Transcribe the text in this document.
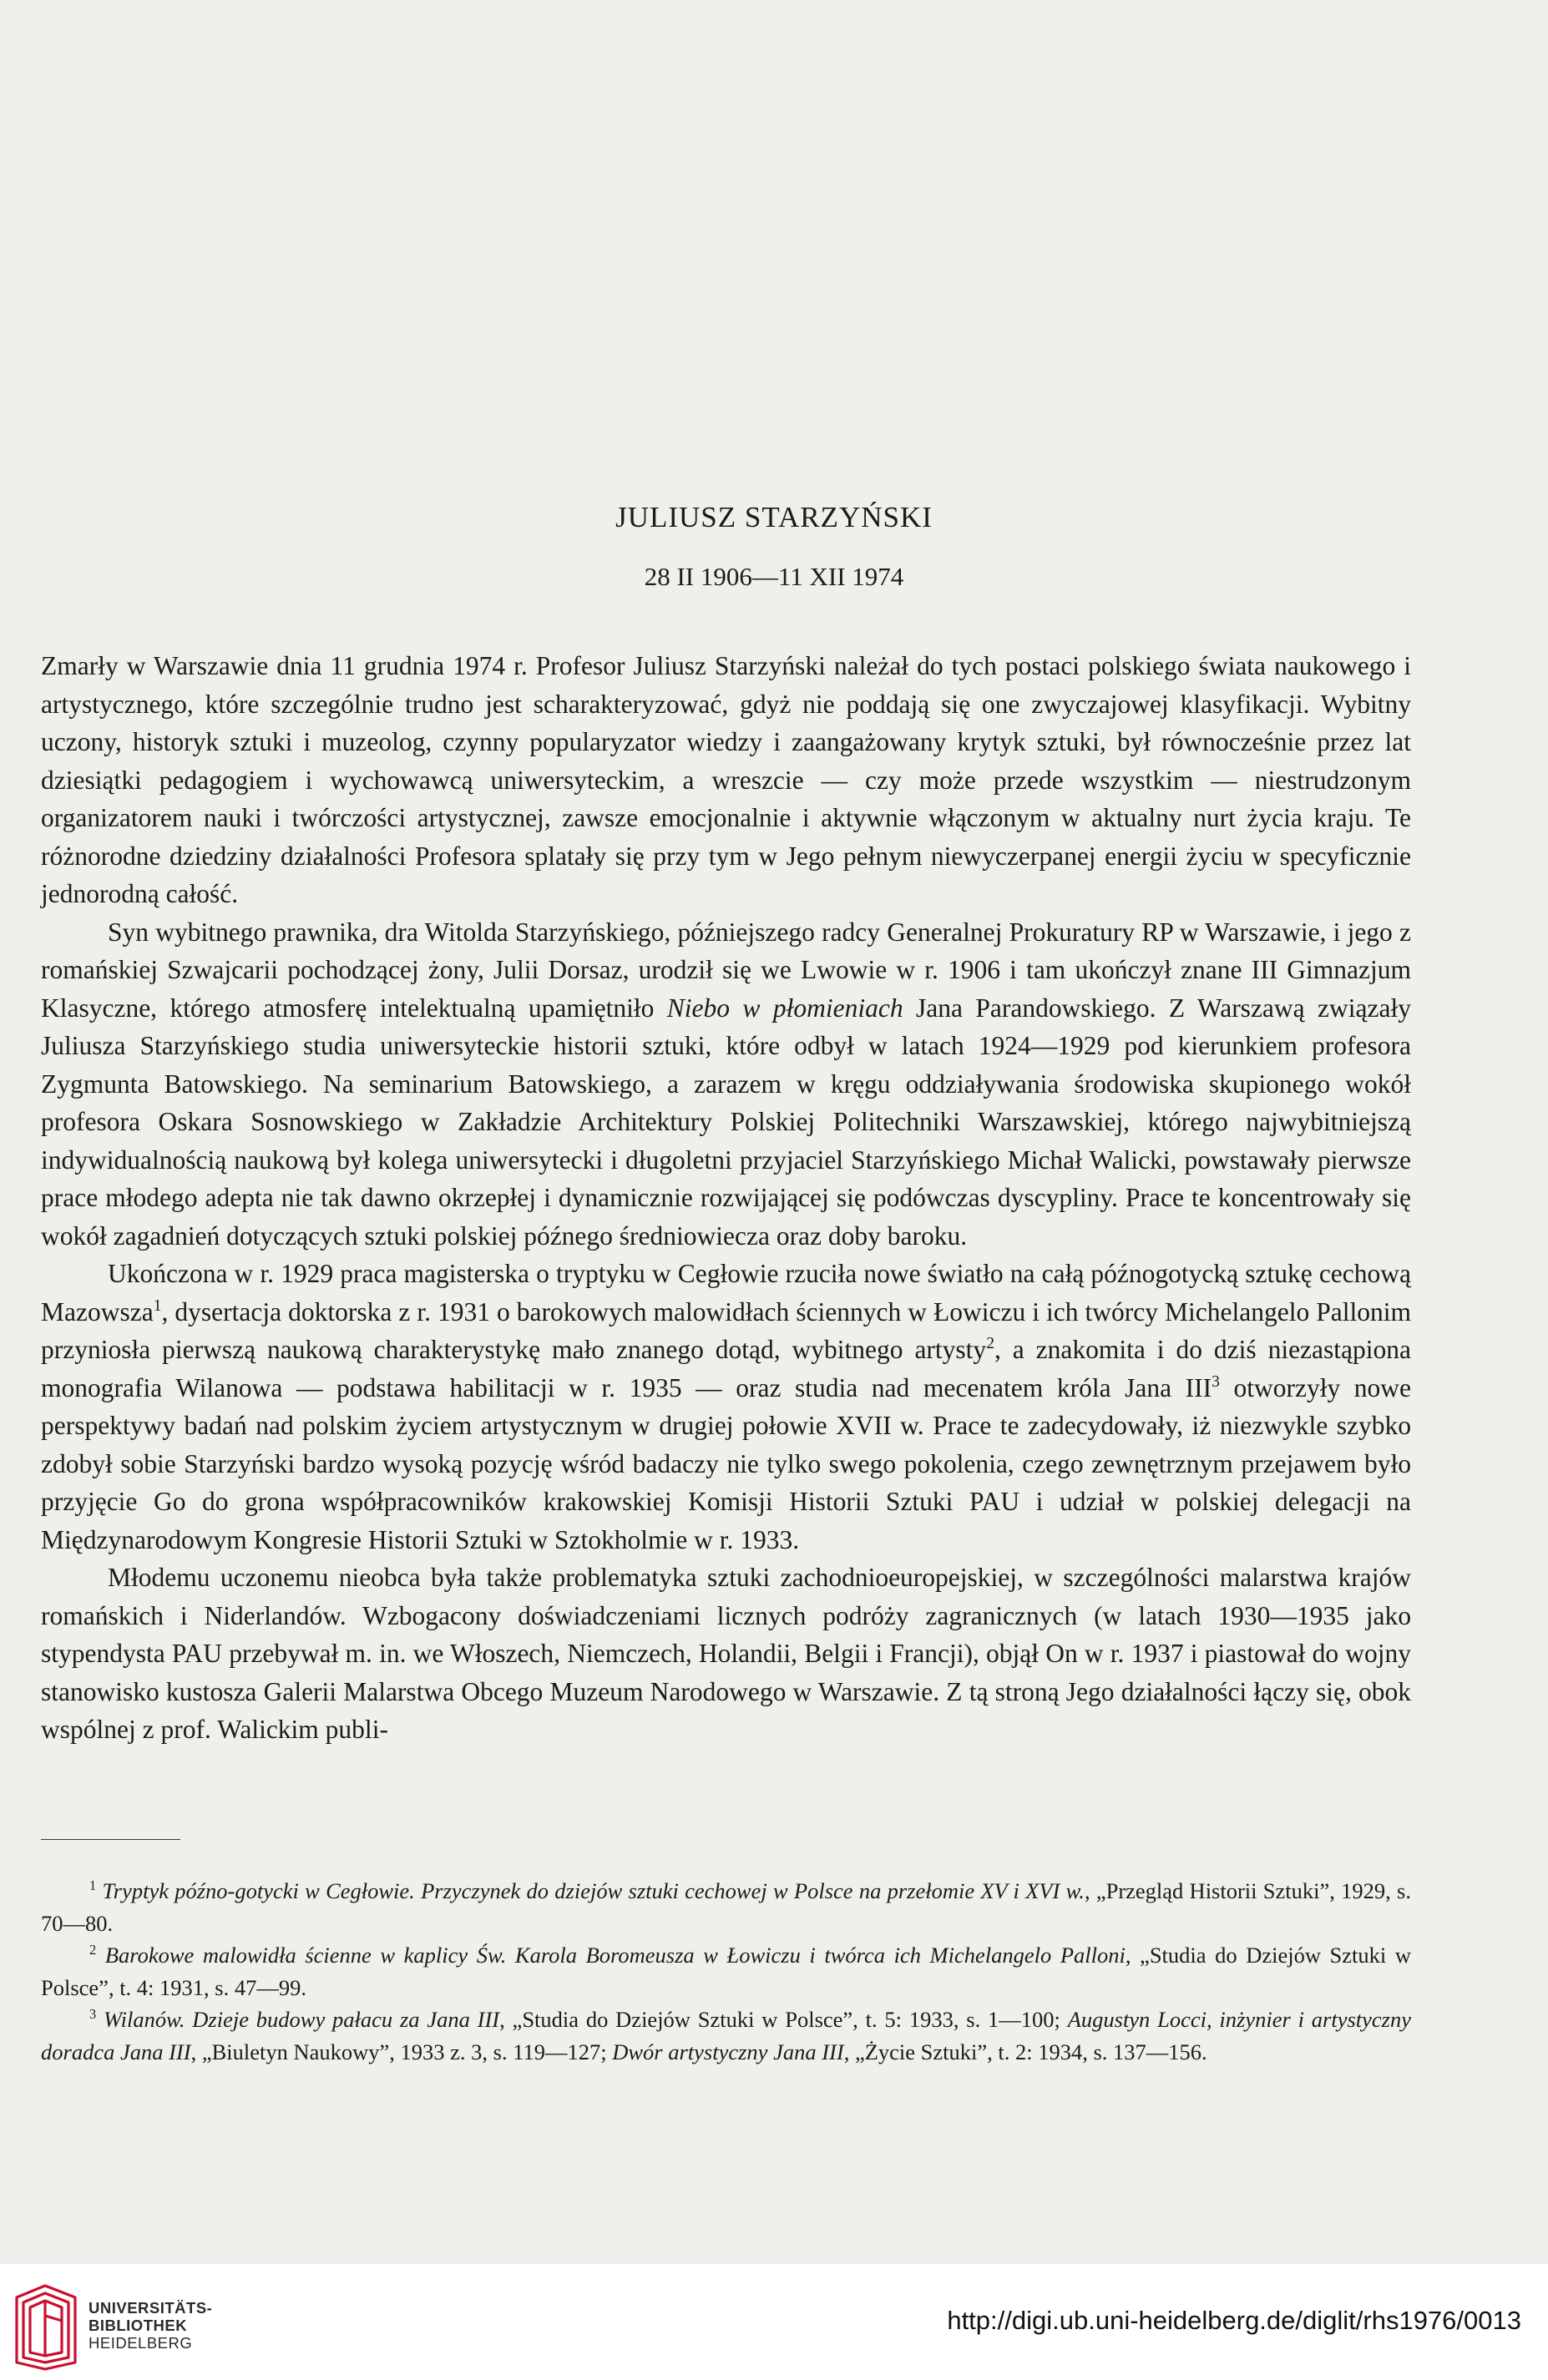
JULIUSZ STARZYŃSKI
28 II 1906—11 XII 1974

Zmarły w Warszawie dnia 11 grudnia 1974 r. Profesor Juliusz Starzyński należał do tych postaci polskiego świata naukowego i artystycznego, które szczególnie trudno jest scharakteryzować, gdyż nie poddają się one zwyczajowej klasyfikacji. Wybitny uczony, historyk sztuki i muzeolog, czynny popularyzator wiedzy i zaangażowany krytyk sztuki, był równocześnie przez lat dziesiątki pedagogiem i wychowawcą uniwersyteckim, a wreszcie — czy może przede wszystkim — niestrudzonym organizatorem nauki i twórczości artystycznej, zawsze emocjonalnie i aktywnie włączonym w aktualny nurt życia kraju. Te różnorodne dziedziny działalności Profesora splatały się przy tym w Jego pełnym niewyczerpanej energii życiu w specyficznie jednorodną całość.

Syn wybitnego prawnika, dra Witolda Starzyńskiego, późniejszego radcy Generalnej Prokuratury RP w Warszawie, i jego z romańskiej Szwajcarii pochodzącej żony, Julii Dorsaz, urodził się we Lwowie w r. 1906 i tam ukończył znane III Gimnazjum Klasyczne, którego atmosferę intelektualną upamiętniło Niebo w płomieniach Jana Parandowskiego. Z Warszawą związały Juliusza Starzyńskiego studia uniwersyteckie historii sztuki, które odbył w latach 1924—1929 pod kierunkiem profesora Zygmunta Batowskiego. Na seminarium Batowskiego, a zarazem w kręgu oddziaływania środowiska skupionego wokół profesora Oskara Sosnowskiego w Zakładzie Architektury Polskiej Politechniki Warszawskiej, którego najwybitniejszą indywidualnością naukową był kolega uniwersytecki i długoletni przyjaciel Starzyńskiego Michał Walicki, powstawały pierwsze prace młodego adepta nie tak dawno okrzepłej i dynamicznie rozwijającej się podówczas dyscypliny. Prace te koncentrowały się wokół zagadnień dotyczących sztuki polskiej późnego średniowiecza oraz doby baroku.

Ukończona w r. 1929 praca magisterska o tryptyku w Cegłowie rzuciła nowe światło na całą późnogotycką sztukę cechową Mazowsza$^1$, dysertacja doktorska z r. 1931 o barokowych malowidłach ściennych w Łowiczu i ich twórcy Michelangelo Pallonim przyniosła pierwszą naukową charakterystykę mało znanego dotąd, wybitnego artysty$^2$, a znakomita i do dziś niezastąpiona monografia Wilanowa — podstawa habilitacji w r. 1935 — oraz studia nad mecenatem króla Jana III$^3$ otworzyły nowe perspektywy badań nad polskim życiem artystycznym w drugiej połowie XVII w. Prace te zadecydowały, iż niezwykle szybko zdobył sobie Starzyński bardzo wysoką pozycję wśród badaczy nie tylko swego pokolenia, czego zewnętrznym przejawem było przyjęcie Go do grona współpracowników krakowskiej Komisji Historii Sztuki PAU i udział w polskiej delegacji na Międzynarodowym Kongresie Historii Sztuki w Sztokholmie w r. 1933.

Młodemu uczonemu nieobca była także problematyka sztuki zachodnioeuropejskiej, w szczególności malarstwa krajów romańskich i Niderlandów. Wzbogacony doświadczeniami licznych podróży zagranicznych (w latach 1930—1935 jako stypendysta PAU przebywał m. in. we Włoszech, Niemczech, Holandii, Belgii i Francji), objął On w r. 1937 i piastował do wojny stanowisko kustosza Galerii Malarstwa Obcego Muzeum Narodowego w Warszawie. Z tą stroną Jego działalności łączy się, obok wspólnej z prof. Walickim publi-

$^1$ Tryptyk późno-gotycki w Cegłowie. Przyczynek do dziejów sztuki cechowej w Polsce na przełomie XV i XVI w., „Przegląd Historii Sztuki”, 1929, s. 70—80.

$^2$ Barokowe malowidła ścienne w kaplicy Św. Karola Boromeusza w Łowiczu i twórca ich Michelangelo Palloni, „Studia do Dziejów Sztuki w Polsce”, t. 4: 1931, s. 47—99.

$^3$ Wilanów. Dzieje budowy pałacu za Jana III, „Studia do Dziejów Sztuki w Polsce”, t. 5: 1933, s. 1—100; Augustyn Locci, inżynier i artystyczny doradca Jana III, „Biuletyn Naukowy”, 1933 z. 3, s. 119—127; Dwór artystyczny Jana III, „Życie Sztuki”, t. 2: 1934, s. 137—156.

UNIVERSITÄTS-
BIBLIOTHEK
HEIDELBERG
http://digi.ub.uni-heidelberg.de/diglit/rhs1976/0013
